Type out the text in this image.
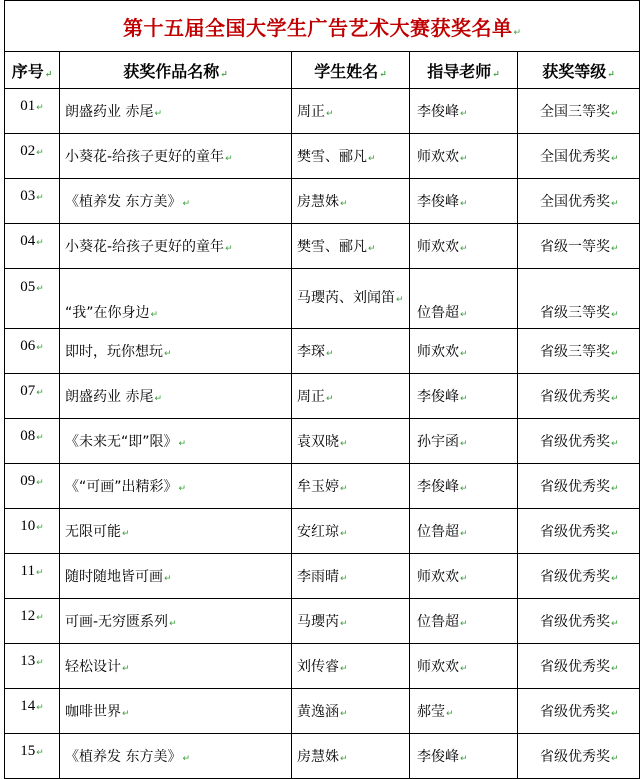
第十五届全国大学生广告艺术大赛获奖名单↵				
序号↵	获奖作品名称↵	学生姓名↵	指导老师↵	获奖等级↵
01↵	朗盛药业 赤尾↵	周正↵	李俊峰↵	全国三等奖↵
02↵	小葵花-给孩子更好的童年↵	樊雪、郦凡↵	师欢欢↵	全国优秀奖↵
03↵	《植养发 东方美》↵	房慧姝↵	李俊峰↵	全国优秀奖↵
04↵	小葵花-给孩子更好的童年↵	樊雪、郦凡↵	师欢欢↵	省级一等奖↵
05↵	“我”在你身边↵	马瓔芮、刘闻笛↵	位鲁超↵	省级三等奖↵
06↵	即时，玩你想玩↵	李琛↵	师欢欢↵	省级三等奖↵
07↵	朗盛药业 赤尾↵	周正↵	李俊峰↵	省级优秀奖↵
08↵	《未来无“即”限》↵	袁双晓↵	孙宇函↵	省级优秀奖↵
09↵	《“可画”出精彩》↵	牟玉婷↵	李俊峰↵	省级优秀奖↵
10↵	无限可能↵	安红琼↵	位鲁超↵	省级优秀奖↵
11↵	随时随地皆可画↵	李雨晴↵	师欢欢↵	省级优秀奖↵
12↵	可画-无穷匮系列↵	马瓔芮↵	位鲁超↵	省级优秀奖↵
13↵	轻松设计↵	刘传睿↵	师欢欢↵	省级优秀奖↵
14↵	咖啡世界↵	黄逸涵↵	郝莹↵	省级优秀奖↵
15↵	《植养发 东方美》↵	房慧姝↵	李俊峰↵	省级优秀奖↵
